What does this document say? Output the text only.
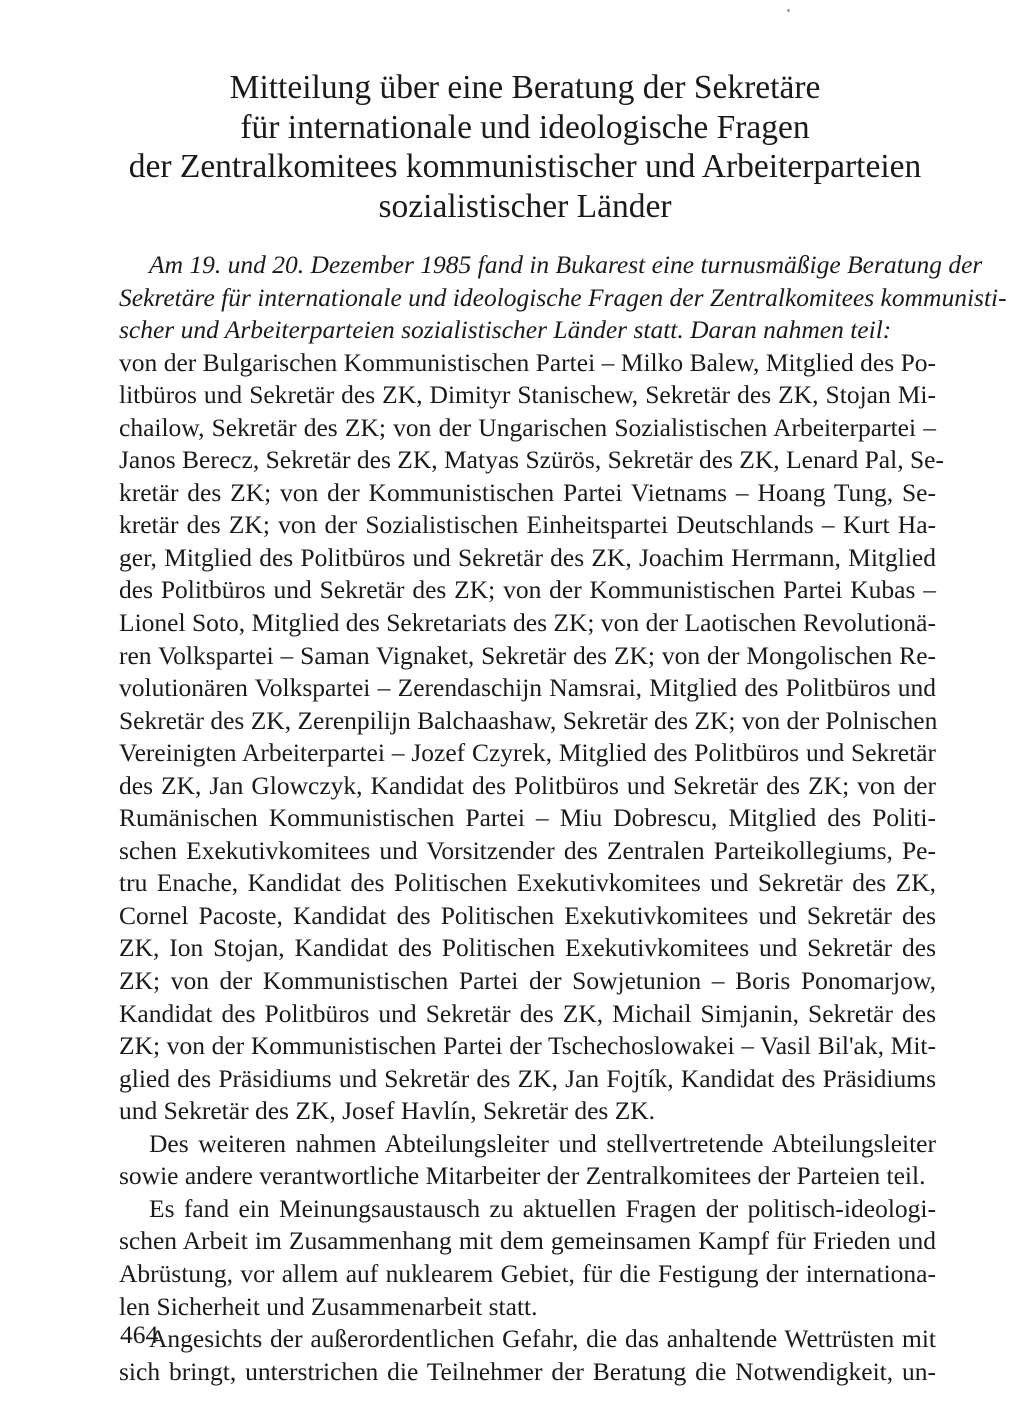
Mitteilung über eine Beratung der Sekretäre
für internationale und ideologische Fragen
der Zentralkomitees kommunistischer und Arbeiterparteien
sozialistischer Länder
Am 19. und 20. Dezember 1985 fand in Bukarest eine turnusmäßige Beratung der
Sekretäre für internationale und ideologische Fragen der Zentralkomitees kommunisti-
scher und Arbeiterparteien sozialistischer Länder statt. Daran nahmen teil:
von der Bulgarischen Kommunistischen Partei – Milko Balew, Mitglied des Po-
litbüros und Sekretär des ZK, Dimityr Stanischew, Sekretär des ZK, Stojan Mi-
chailow, Sekretär des ZK; von der Ungarischen Sozialistischen Arbeiterpartei –
Janos Berecz, Sekretär des ZK, Matyas Szürös, Sekretär des ZK, Lenard Pal, Se-
kretär des ZK; von der Kommunistischen Partei Vietnams – Hoang Tung, Se-
kretär des ZK; von der Sozialistischen Einheitspartei Deutschlands – Kurt Ha-
ger, Mitglied des Politbüros und Sekretär des ZK, Joachim Herrmann, Mitglied
des Politbüros und Sekretär des ZK; von der Kommunistischen Partei Kubas –
Lionel Soto, Mitglied des Sekretariats des ZK; von der Laotischen Revolutionä-
ren Volkspartei – Saman Vignaket, Sekretär des ZK; von der Mongolischen Re-
volutionären Volkspartei – Zerendaschijn Namsrai, Mitglied des Politbüros und
Sekretär des ZK, Zerenpilijn Balchaashaw, Sekretär des ZK; von der Polnischen
Vereinigten Arbeiterpartei – Jozef Czyrek, Mitglied des Politbüros und Sekretär
des ZK, Jan Glowczyk, Kandidat des Politbüros und Sekretär des ZK; von der
Rumänischen Kommunistischen Partei – Miu Dobrescu, Mitglied des Politi-
schen Exekutivkomitees und Vorsitzender des Zentralen Parteikollegiums, Pe-
tru Enache, Kandidat des Politischen Exekutivkomitees und Sekretär des ZK,
Cornel Pacoste, Kandidat des Politischen Exekutivkomitees und Sekretär des
ZK, Ion Stojan, Kandidat des Politischen Exekutivkomitees und Sekretär des
ZK; von der Kommunistischen Partei der Sowjetunion – Boris Ponomarjow,
Kandidat des Politbüros und Sekretär des ZK, Michail Simjanin, Sekretär des
ZK; von der Kommunistischen Partei der Tschechoslowakei – Vasil Bil'ak, Mit-
glied des Präsidiums und Sekretär des ZK, Jan Fojtík, Kandidat des Präsidiums
und Sekretär des ZK, Josef Havlín, Sekretär des ZK.
Des weiteren nahmen Abteilungsleiter und stellvertretende Abteilungsleiter
sowie andere verantwortliche Mitarbeiter der Zentralkomitees der Parteien teil.
Es fand ein Meinungsaustausch zu aktuellen Fragen der politisch-ideologi-
schen Arbeit im Zusammenhang mit dem gemeinsamen Kampf für Frieden und
Abrüstung, vor allem auf nuklearem Gebiet, für die Festigung der internationa-
len Sicherheit und Zusammenarbeit statt.
Angesichts der außerordentlichen Gefahr, die das anhaltende Wettrüsten mit
sich bringt, unterstrichen die Teilnehmer der Beratung die Notwendigkeit, un-
464
